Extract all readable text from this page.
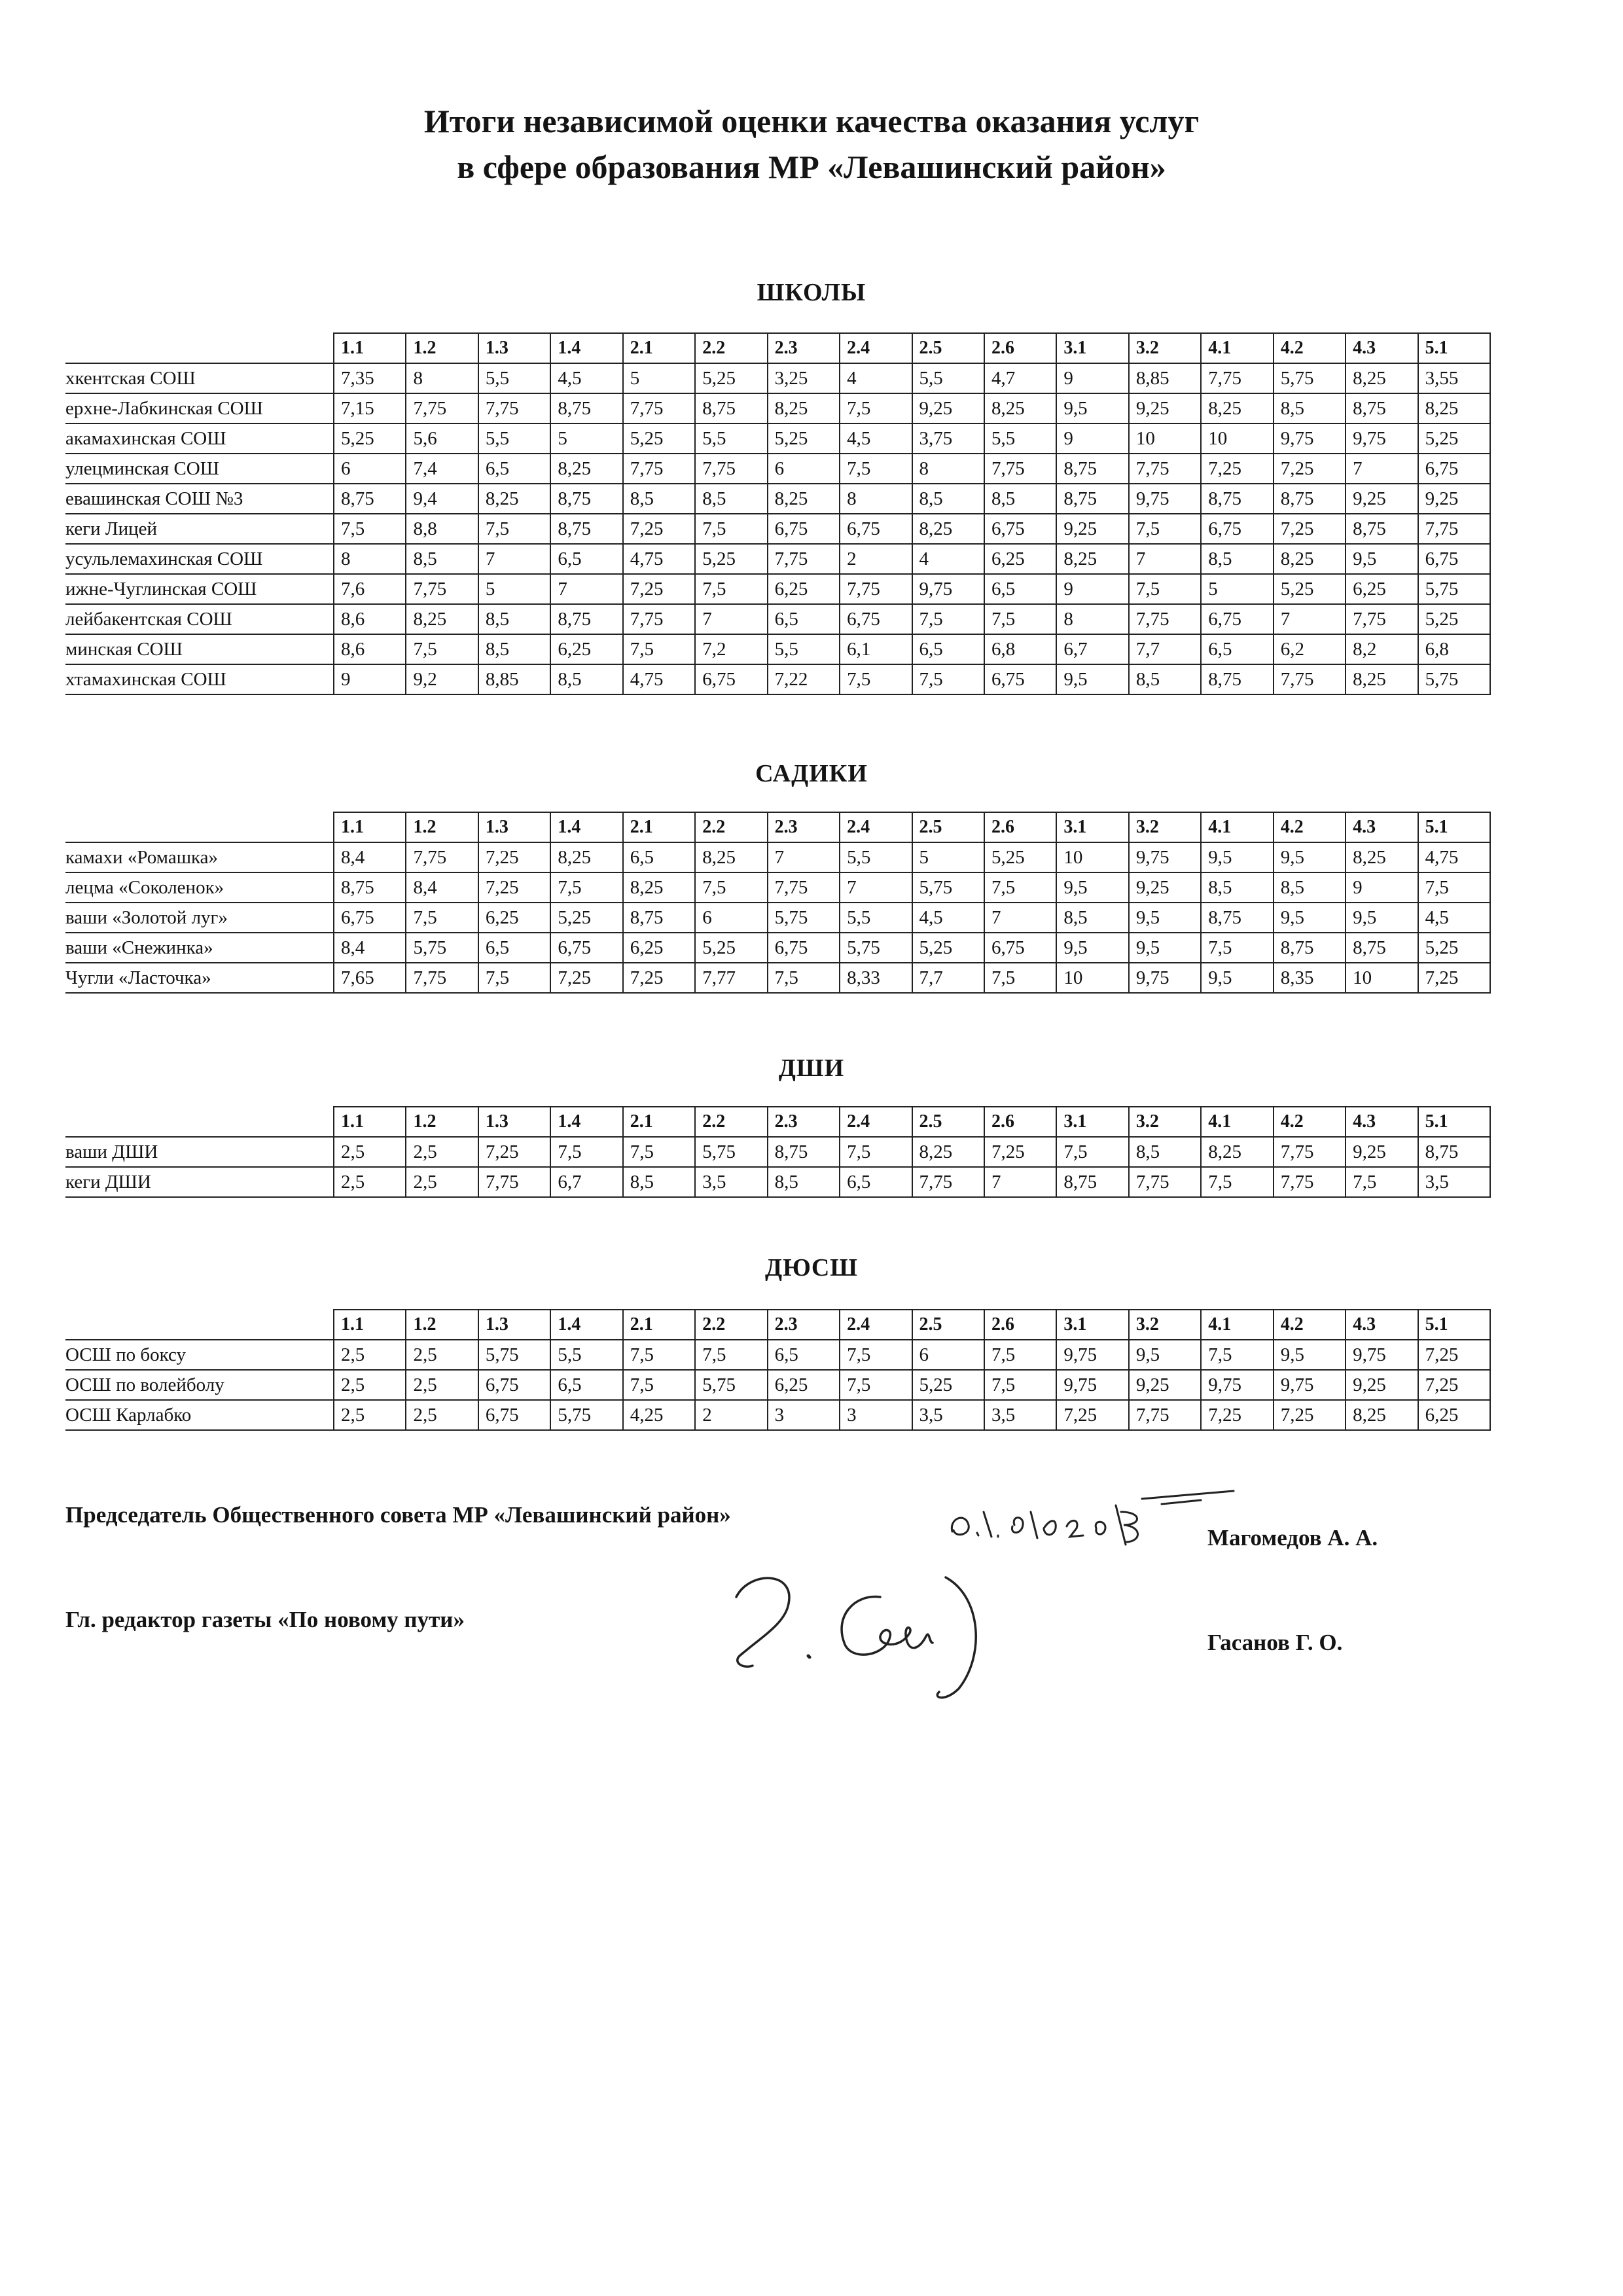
Итоги независимой оценки качества оказания услуг
в сфере образования МР «Левашинский район»
ШКОЛЫ
	1.1	1.2	1.3	1.4	2.1	2.2	2.3	2.4	2.5	2.6	3.1	3.2	4.1	4.2	4.3	5.1
хкентская СОШ	7,35	8	5,5	4,5	5	5,25	3,25	4	5,5	4,7	9	8,85	7,75	5,75	8,25	3,55
ерхне-Лабкинская СОШ	7,15	7,75	7,75	8,75	7,75	8,75	8,25	7,5	9,25	8,25	9,5	9,25	8,25	8,5	8,75	8,25
акамахинская СОШ	5,25	5,6	5,5	5	5,25	5,5	5,25	4,5	3,75	5,5	9	10	10	9,75	9,75	5,25
улецминская СОШ	6	7,4	6,5	8,25	7,75	7,75	6	7,5	8	7,75	8,75	7,75	7,25	7,25	7	6,75
евашинская СОШ №3	8,75	9,4	8,25	8,75	8,5	8,5	8,25	8	8,5	8,5	8,75	9,75	8,75	8,75	9,25	9,25
кеги Лицей	7,5	8,8	7,5	8,75	7,25	7,5	6,75	6,75	8,25	6,75	9,25	7,5	6,75	7,25	8,75	7,75
усульлемахинская СОШ	8	8,5	7	6,5	4,75	5,25	7,75	2	4	6,25	8,25	7	8,5	8,25	9,5	6,75
ижне-Чуглинская СОШ	7,6	7,75	5	7	7,25	7,5	6,25	7,75	9,75	6,5	9	7,5	5	5,25	6,25	5,75
лейбакентская СОШ	8,6	8,25	8,5	8,75	7,75	7	6,5	6,75	7,5	7,5	8	7,75	6,75	7	7,75	5,25
минская СОШ	8,6	7,5	8,5	6,25	7,5	7,2	5,5	6,1	6,5	6,8	6,7	7,7	6,5	6,2	8,2	6,8
хтамахинская СОШ	9	9,2	8,85	8,5	4,75	6,75	7,22	7,5	7,5	6,75	9,5	8,5	8,75	7,75	8,25	5,75
САДИКИ
	1.1	1.2	1.3	1.4	2.1	2.2	2.3	2.4	2.5	2.6	3.1	3.2	4.1	4.2	4.3	5.1
камахи «Ромашка»	8,4	7,75	7,25	8,25	6,5	8,25	7	5,5	5	5,25	10	9,75	9,5	9,5	8,25	4,75
лецма «Соколенок»	8,75	8,4	7,25	7,5	8,25	7,5	7,75	7	5,75	7,5	9,5	9,25	8,5	8,5	9	7,5
ваши «Золотой луг»	6,75	7,5	6,25	5,25	8,75	6	5,75	5,5	4,5	7	8,5	9,5	8,75	9,5	9,5	4,5
ваши «Снежинка»	8,4	5,75	6,5	6,75	6,25	5,25	6,75	5,75	5,25	6,75	9,5	9,5	7,5	8,75	8,75	5,25
Чугли «Ласточка»	7,65	7,75	7,5	7,25	7,25	7,77	7,5	8,33	7,7	7,5	10	9,75	9,5	8,35	10	7,25
ДШИ
	1.1	1.2	1.3	1.4	2.1	2.2	2.3	2.4	2.5	2.6	3.1	3.2	4.1	4.2	4.3	5.1
ваши ДШИ	2,5	2,5	7,25	7,5	7,5	5,75	8,75	7,5	8,25	7,25	7,5	8,5	8,25	7,75	9,25	8,75
кеги ДШИ	2,5	2,5	7,75	6,7	8,5	3,5	8,5	6,5	7,75	7	8,75	7,75	7,5	7,75	7,5	3,5
ДЮСШ
	1.1	1.2	1.3	1.4	2.1	2.2	2.3	2.4	2.5	2.6	3.1	3.2	4.1	4.2	4.3	5.1
ОСШ по боксу	2,5	2,5	5,75	5,5	7,5	7,5	6,5	7,5	6	7,5	9,75	9,5	7,5	9,5	9,75	7,25
ОСШ по волейболу	2,5	2,5	6,75	6,5	7,5	5,75	6,25	7,5	5,25	7,5	9,75	9,25	9,75	9,75	9,25	7,25
ОСШ Карлабко	2,5	2,5	6,75	5,75	4,25	2	3	3	3,5	3,5	7,25	7,75	7,25	7,25	8,25	6,25
Председатель Общественного совета МР «Левашинский район»
Магомедов А. А.
Гл. редактор газеты «По новому пути»
Гасанов Г. О.
